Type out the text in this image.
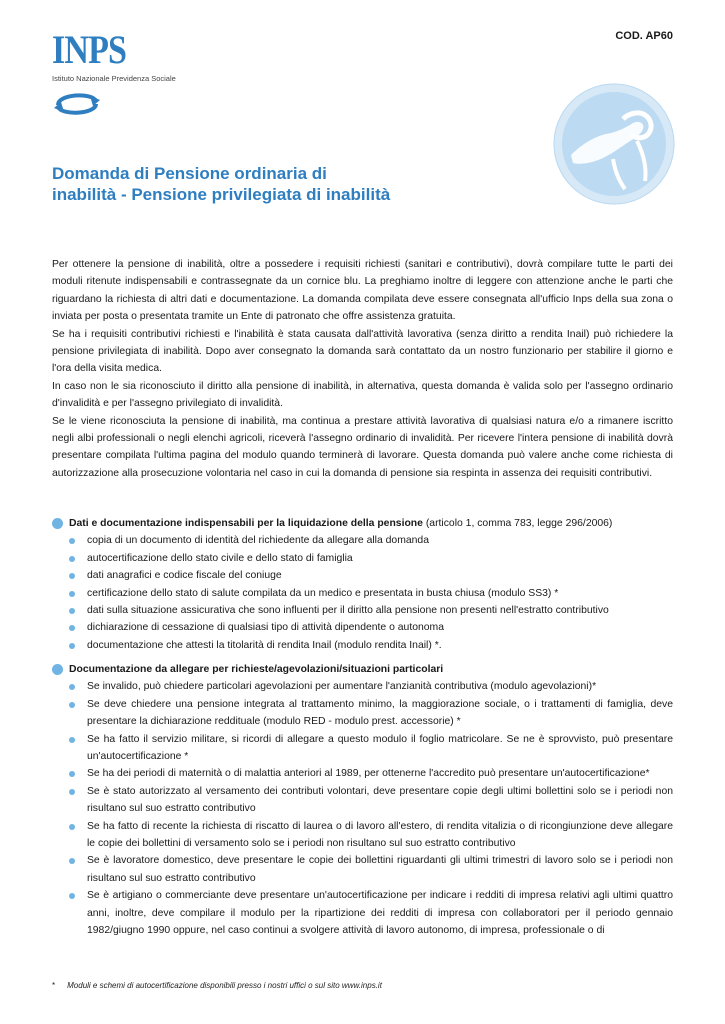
INPS
Istituto Nazionale Previdenza Sociale
COD. AP60
Domanda di Pensione ordinaria di
inabilità - Pensione privilegiata di inabilità

Per ottenere la pensione di inabilità, oltre a possedere i requisiti richiesti (sanitari e contributivi), dovrà compilare tutte le parti dei moduli ritenute indispensabili e contrassegnate da un cornice blu. La preghiamo inoltre di leggere con attenzione anche le parti che riguardano la richiesta di altri dati e documentazione. La domanda compilata deve essere consegnata all'ufficio Inps della sua zona o inviata per posta o presentata tramite un Ente di patronato che offre assistenza gratuita.

Se ha i requisiti contributivi richiesti e l'inabilità è stata causata dall'attività lavorativa (senza diritto a rendita Inail) può richiedere la pensione privilegiata di inabilità. Dopo aver consegnato la domanda sarà contattato da un nostro funzionario per stabilire il giorno e l'ora della visita medica.

In caso non le sia riconosciuto il diritto alla pensione di inabilità, in alternativa, questa domanda è valida solo per l'assegno ordinario d'invalidità e per l'assegno privilegiato di invalidità.

Se le viene riconosciuta la pensione di inabilità, ma continua a prestare attività lavorativa di qualsiasi natura e/o a rimanere iscritto negli albi professionali o negli elenchi agricoli, riceverà l'assegno ordinario di invalidità. Per ricevere l'intera pensione di inabilità dovrà presentare compilata l'ultima pagina del modulo quando terminerà di lavorare. Questa domanda può valere anche come richiesta di autorizzazione alla prosecuzione volontaria nel caso in cui la domanda di pensione sia respinta in assenza dei requisiti contributivi.

Dati e documentazione indispensabili per la liquidazione della pensione (articolo 1, comma 783, legge 296/2006)
copia di un documento di identità del richiedente da allegare alla domanda
autocertificazione dello stato civile e dello stato di famiglia
dati anagrafici e codice fiscale del coniuge
certificazione dello stato di salute compilata da un medico e presentata in busta chiusa (modulo SS3) *
dati sulla situazione assicurativa che sono influenti per il diritto alla pensione non presenti nell'estratto contributivo
dichiarazione di cessazione di qualsiasi tipo di attività dipendente o autonoma
documentazione che attesti la titolarità di rendita Inail (modulo rendita Inail) *.
Documentazione da allegare per richieste/agevolazioni/situazioni particolari
Se invalido, può chiedere particolari agevolazioni per aumentare l'anzianità contributiva (modulo agevolazioni)*
Se deve chiedere una pensione integrata al trattamento minimo, la maggiorazione sociale, o i trattamenti di famiglia, deve presentare la dichiarazione reddituale (modulo RED - modulo prest. accessorie) *
Se ha fatto il servizio militare, si ricordi di allegare a questo modulo il foglio matricolare. Se ne è sprovvisto, può presentare un'autocertificazione *
Se ha dei periodi di maternità o di malattia anteriori al 1989, per ottenerne l'accredito può presentare un'autocertificazione*
Se è stato autorizzato al versamento dei contributi volontari, deve presentare copie degli ultimi bollettini solo se i periodi non risultano sul suo estratto contributivo
Se ha fatto di recente la richiesta di riscatto di laurea o di lavoro all'estero, di rendita vitalizia o di ricongiunzione deve allegare le copie dei bollettini di versamento solo se i periodi non risultano sul suo estratto contributivo
Se è lavoratore domestico, deve presentare le copie dei bollettini riguardanti gli ultimi trimestri di lavoro solo se i periodi non risultano sul suo estratto contributivo
Se è artigiano o commerciante deve presentare un'autocertificazione per indicare i redditi di impresa relativi agli ultimi quattro anni, inoltre, deve compilare il modulo per la ripartizione dei redditi di impresa con collaboratori per il periodo gennaio 1982/giugno 1990 oppure, nel caso continui a svolgere attività di lavoro autonomo, di impresa, professionale o di
* Moduli e schemi di autocertificazione disponibili presso i nostri uffici o sul sito www.inps.it
